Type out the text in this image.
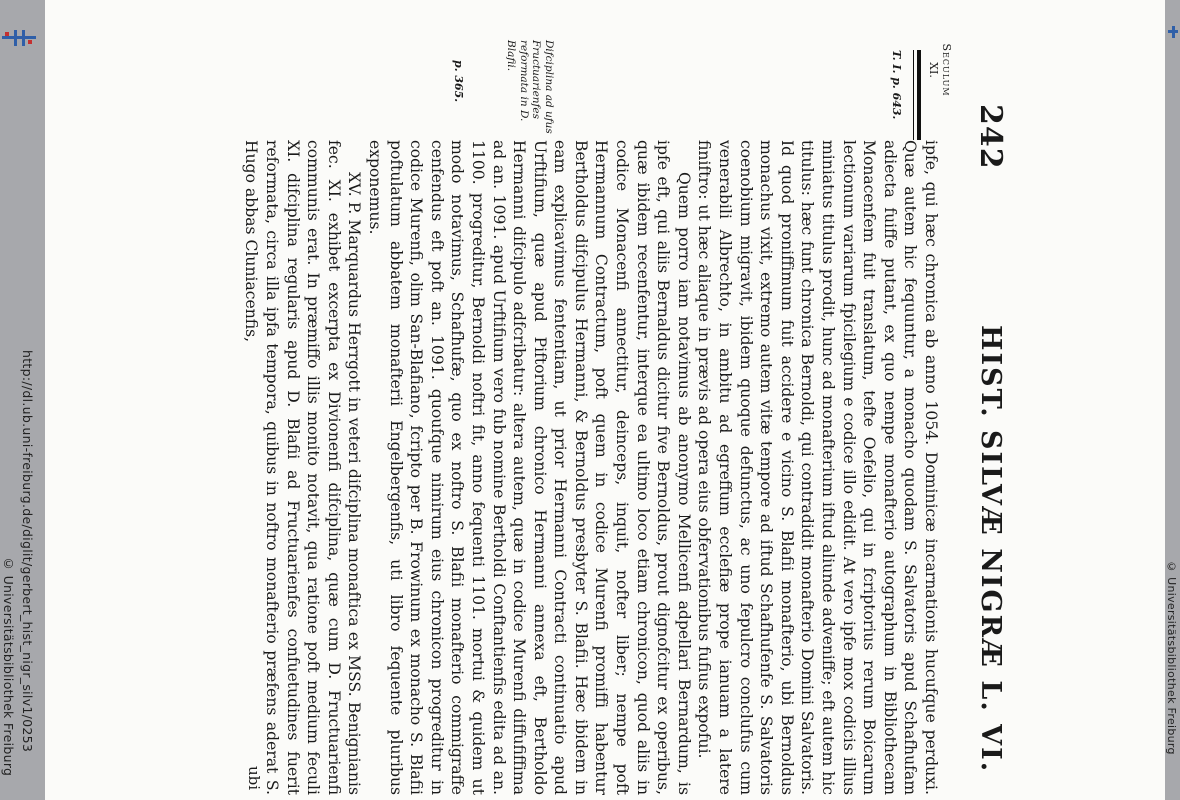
http://dl.ub.uni-freiburg.de/diglit/gerbert_hist_nigr_silv1/0253
© Universitätsbibliothek Freiburg
242
HIST. SILVÆ NIGRÆ L. VI.
Seculum
XI.
T. I. p. 643.
Difciplina ad ufus Fructuarienfes reformata in D. Blafii.
p. 365.

ipfe, qui hæc chronica ab anno 1054. Dominicæ incarnationis hucufque perduxi. Quæ autem hic fequuntur, a monacho quodam S. Salvatoris apud Schafhufam adiecta fuiffe putant, ex quo nempe monafterio autographum in Bibliothecam Monacenfem fuit translatum, tefte Oefelio, qui in fcriptorius rerum Boicarum lectionum variarum fpicilegium e codice illo edidit. At vero ipfe mox codicis illius miniatus titulus prodit, hunc ad monafterium iftud aliunde adveniffe; eft autem hic titulus: hæc funt chronica Bernoldi, qui contradidit monafterio Domini Salvatoris. Id quod proniffimum fuit accidere e vicino S. Blafii monafterio, ubi Bernoldus monachus vixit, extremo autem vitæ tempore ad iftud Schafhufenfe S. Salvatoris coenobium migravit, ibidem quoque defunctus, ac uno fepulcro conclufus cum venerabili Albrechto, in ambitu ad egreffum ecclefiæ prope ianuam a latere finiftro: ut hæc aliaque in prævis ad opera eius obfervationibus fufius expofui.

Quem porro iam notavimus ab anonymo Mellicenfi adpellari Bernardum, is ipfe eft, qui aliis Bernaldus dicitur five Bernoldus, prout dignofcitur ex operibus, quæ ibidem recenfentur, interque ea ultimo loco etiam chronicon, quod aliis in codice Monacenfi annectitur, deinceps, inquit, nofter liber; nempe poft Hermannum Contractum, poft quem in codice Murenfi promiffi habentur Bertholdus difcipulus Hermanni, & Bernoldus presbyter S. Blafii. Hæc ibidem in eam explicavimus fententiam, ut prior Hermanni Contracti continuatio apud Urftifium, quæ apud Piftorium chronico Hermanni annexa eft, Bertholdo Hermanni difcipulo adfcribatur: altera autem, quæ in codice Murenfi diffufiffima ad an. 1091. apud Urftifium vero fub nomine Bertholdi Conftantienfis edita ad an. 1100. progreditur, Bernoldi noftri fit, anno fequenti 1101. mortui & quidem ut modo notavimus, Schafhufæ, quo ex noftro S. Blafii monafterio commigraffe cenfendus eft poft an. 1091. quoufque nimirum eius chronicon progreditur in codice Murenfi, olim San-Blafiano, fcripto per B. Frowinum ex monacho S. Blafii poftulatum abbatem monafterii Engelbergenfis, uti libro fequente pluribus exponemus.

XV. P. Marquardus Herrgott in veteri difciplina monaftica ex MSS. Benignianis fec. XI. exhibet excerpta ex Divionenfi difciplina, quæ cum D. Fructuarienfi communis erat. In præmiffo illis monito notavit, qua ratione poft medium feculi XI. difciplina regularis apud D. Blafii ad Fructuarienfes confuetudines fuerit reformata, circa illa ipfa tempora, quibus in noftro monafterio præfens aderat S. Hugo abbas Cluniacenfis,

ubi
© Universitätsbibliothek Freiburg
